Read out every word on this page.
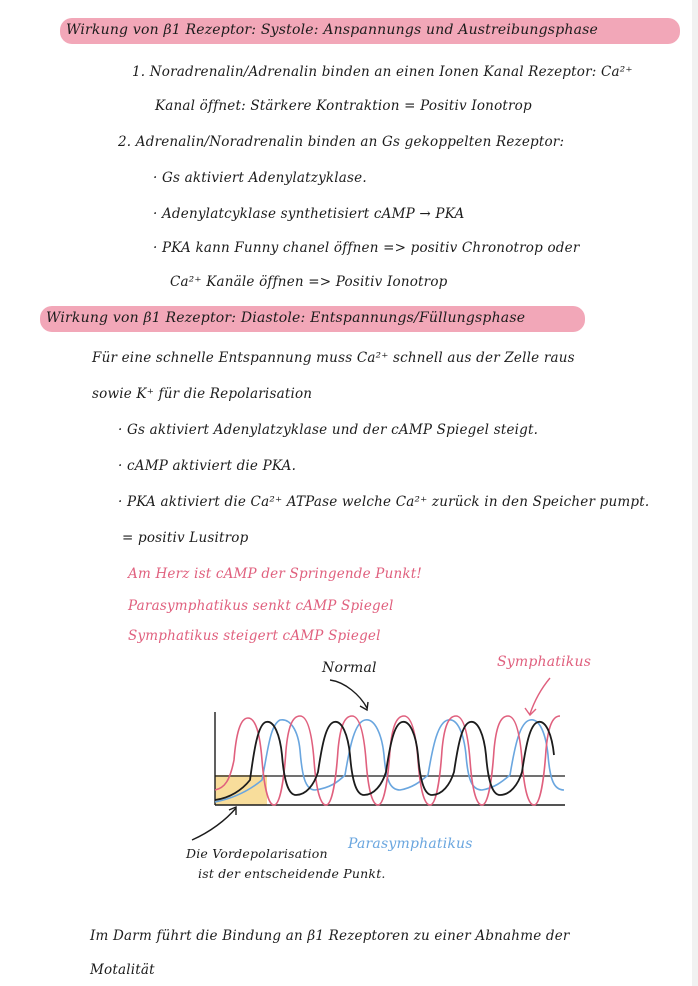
Wirkung von β1 Rezeptor: Systole: Anspannungs und Austreibungsphase
1. Noradrenalin/Adrenalin binden an einen Ionen Kanal Rezeptor: Ca²⁺
Kanal öffnet: Stärkere Kontraktion = Positiv Ionotrop
2. Adrenalin/Noradrenalin binden an Gs gekoppelten Rezeptor:
· Gs aktiviert Adenylatzyklase.
· Adenylatcyklase synthetisiert cAMP → PKA
· PKA kann Funny chanel öffnen => positiv Chronotrop oder
Ca²⁺ Kanäle öffnen => Positiv Ionotrop
Wirkung von β1 Rezeptor: Diastole: Entspannungs/Füllungsphase
Für eine schnelle Entspannung muss Ca²⁺ schnell aus der Zelle raus
sowie K⁺ für die Repolarisation
· Gs aktiviert Adenylatzyklase und der cAMP Spiegel steigt.
· cAMP aktiviert die PKA.
· PKA aktiviert die Ca²⁺ ATPase welche Ca²⁺ zurück in den Speicher pumpt.
= positiv Lusitrop
Am Herz ist cAMP der Springende Punkt!
Parasymphatikus senkt cAMP Spiegel
Symphatikus steigert cAMP Spiegel
Normal	Symphatikus
Parasymphatikus
Die Vordepolarisation
ist der entscheidende Punkt.
Im Darm führt die Bindung an β1 Rezeptoren zu einer Abnahme der
Motalität
